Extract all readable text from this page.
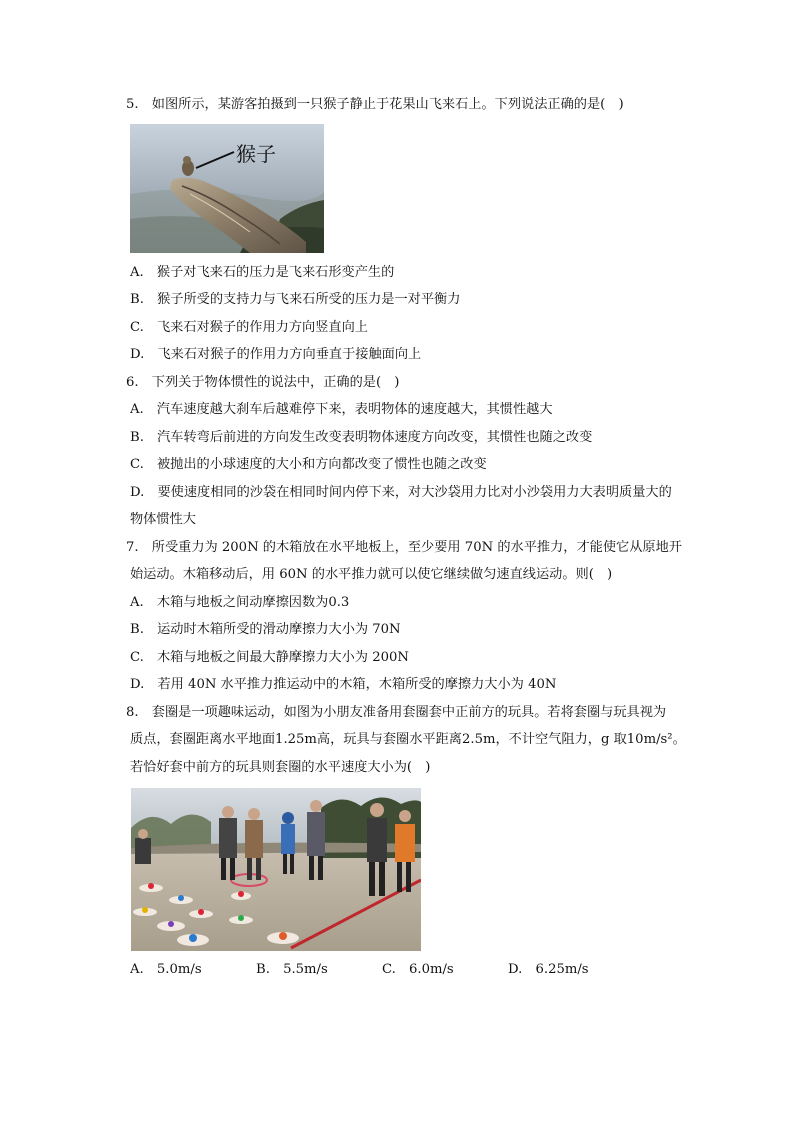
5.　如图所示，某游客拍摄到一只猴子静止于花果山飞来石上。下列说法正确的是(　)
猴子
A.　猴子对飞来石的压力是飞来石形变产生的
B.　猴子所受的支持力与飞来石所受的压力是一对平衡力
C.　飞来石对猴子的作用力方向竖直向上
D.　飞来石对猴子的作用力方向垂直于接触面向上
6.　下列关于物体惯性的说法中，正确的是(　)
A.　汽车速度越大刹车后越难停下来，表明物体的速度越大，其惯性越大
B.　汽车转弯后前进的方向发生改变表明物体速度方向改变，其惯性也随之改变
C.　被抛出的小球速度的大小和方向都改变了惯性也随之改变
D.　要使速度相同的沙袋在相同时间内停下来，对大沙袋用力比对小沙袋用力大表明质量大的
物体惯性大
7.　所受重力为 200N 的木箱放在水平地板上，至少要用 70N 的水平推力，才能使它从原地开
始运动。木箱移动后，用 60N 的水平推力就可以使它继续做匀速直线运动。则(　)
A.　木箱与地板之间动摩擦因数为0.3
B.　运动时木箱所受的滑动摩擦力大小为 70N
C.　木箱与地板之间最大静摩擦力大小为 200N
D.　若用 40N 水平推力推运动中的木箱，木箱所受的摩擦力大小为 40N
8.　套圈是一项趣味运动，如图为小朋友准备用套圈套中正前方的玩具。若将套圈与玩具视为
质点，套圈距离水平地面1.25m高，玩具与套圈水平距离2.5m，不计空气阻力，g 取10m/s²。
若恰好套中前方的玩具则套圈的水平速度大小为(　)
A.　5.0m/s	B.　5.5m/s	C.　6.0m/s	D.　6.25m/s
